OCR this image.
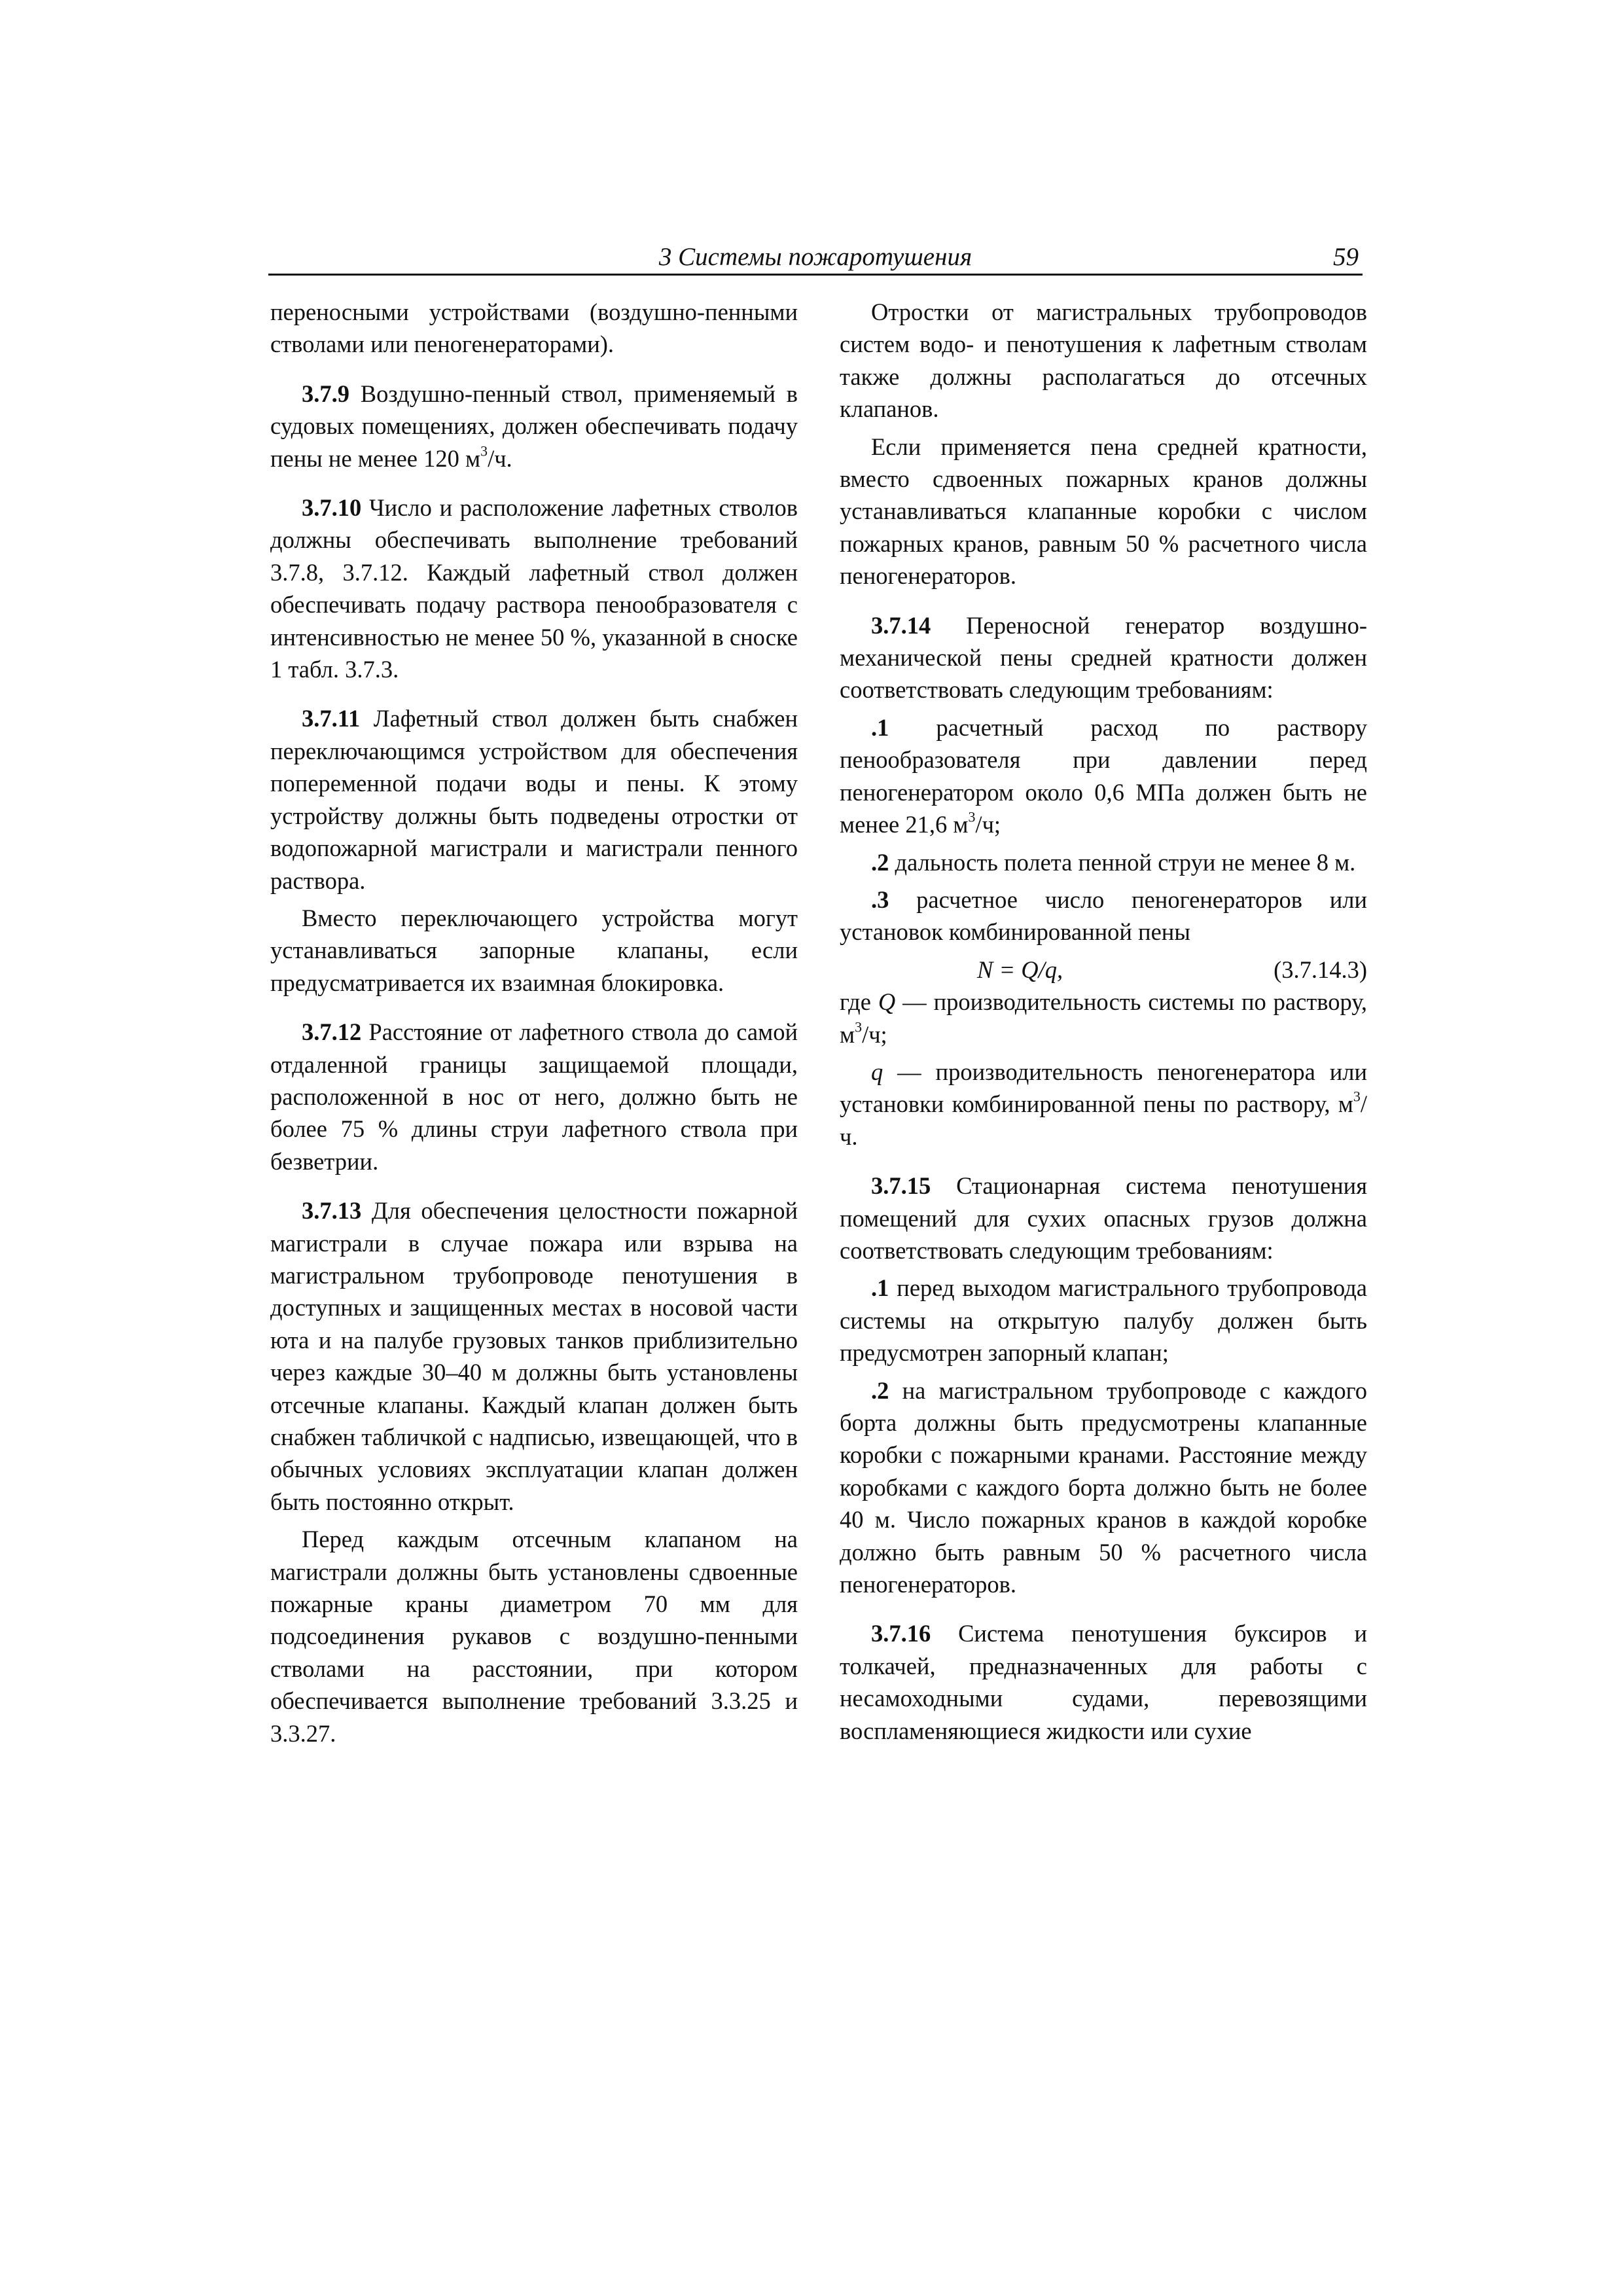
3 Системы пожаротушения	59

переносными устройствами (воздушно-пенными стволами или пеногенераторами).

3.7.9 Воздушно-пенный ствол, применяемый в судовых помещениях, должен обеспечивать подачу пены не менее 120 $м^3/ч$.

3.7.10 Число и расположение лафетных стволов должны обеспечивать выполнение требований 3.7.8, 3.7.12. Каждый лафетный ствол должен обеспечивать подачу раствора пенообразователя с интенсивностью не менее 50 %, указанной в сноске 1 табл. 3.7.3.

3.7.11 Лафетный ствол должен быть снабжен переключающимся устройством для обеспечения попеременной подачи воды и пены. К этому устройству должны быть подведены отростки от водопожарной магистрали и магистрали пенного раствора.

Вместо переключающего устройства могут устанавливаться запорные клапаны, если предусматривается их взаимная блокировка.

3.7.12 Расстояние от лафетного ствола до самой отдаленной границы защищаемой площади, расположенной в нос от него, должно быть не более 75 % длины струи лафетного ствола при безветрии.

3.7.13 Для обеспечения целостности пожарной магистрали в случае пожара или взрыва на магистральном трубопроводе пенотушения в доступных и защищенных местах в носовой части юта и на палубе грузовых танков приблизительно через каждые 30–40 м должны быть установлены отсечные клапаны. Каждый клапан должен быть снабжен табличкой с надписью, извещающей, что в обычных условиях эксплуатации клапан должен быть постоянно открыт.

Перед каждым отсечным клапаном на магистрали должны быть установлены сдвоенные пожарные краны диаметром 70 мм для подсоединения рукавов с воздушно-пенными стволами на расстоянии, при котором обеспечивается выполнение требований 3.3.25 и 3.3.27.

Отростки от магистральных трубопроводов систем водо- и пенотушения к лафетным стволам также должны располагаться до отсечных клапанов.

Если применяется пена средней кратности, вместо сдвоенных пожарных кранов должны устанавливаться клапанные коробки с числом пожарных кранов, равным 50 % расчетного числа пеногенераторов.

3.7.14 Переносной генератор воздушно-механической пены средней кратности должен соответствовать следующим требованиям:

.1 расчетный расход по раствору пенообразователя при давлении перед пеногенератором около 0,6 МПа должен быть не менее 21,6 $м^3/ч$;

.2 дальность полета пенной струи не менее 8 м.

.3 расчетное число пеногенераторов или установок комбинированной пены

N = Q/q,	(3.7.14.3)

где Q — производительность системы по раствору, $м^3/ч$;

q — производительность пеногенератора или установки комбинированной пены по раствору, $м^3/ч$.

3.7.15 Стационарная система пенотушения помещений для сухих опасных грузов должна соответствовать следующим требованиям:

.1 перед выходом магистрального трубопровода системы на открытую палубу должен быть предусмотрен запорный клапан;

.2 на магистральном трубопроводе с каждого борта должны быть предусмотрены клапанные коробки с пожарными кранами. Расстояние между коробками с каждого борта должно быть не более 40 м. Число пожарных кранов в каждой коробке должно быть равным 50 % расчетного числа пеногенераторов.

3.7.16 Система пенотушения буксиров и толкачей, предназначенных для работы с несамоходными судами, перевозящими воспламеняющиеся жидкости или сухие
